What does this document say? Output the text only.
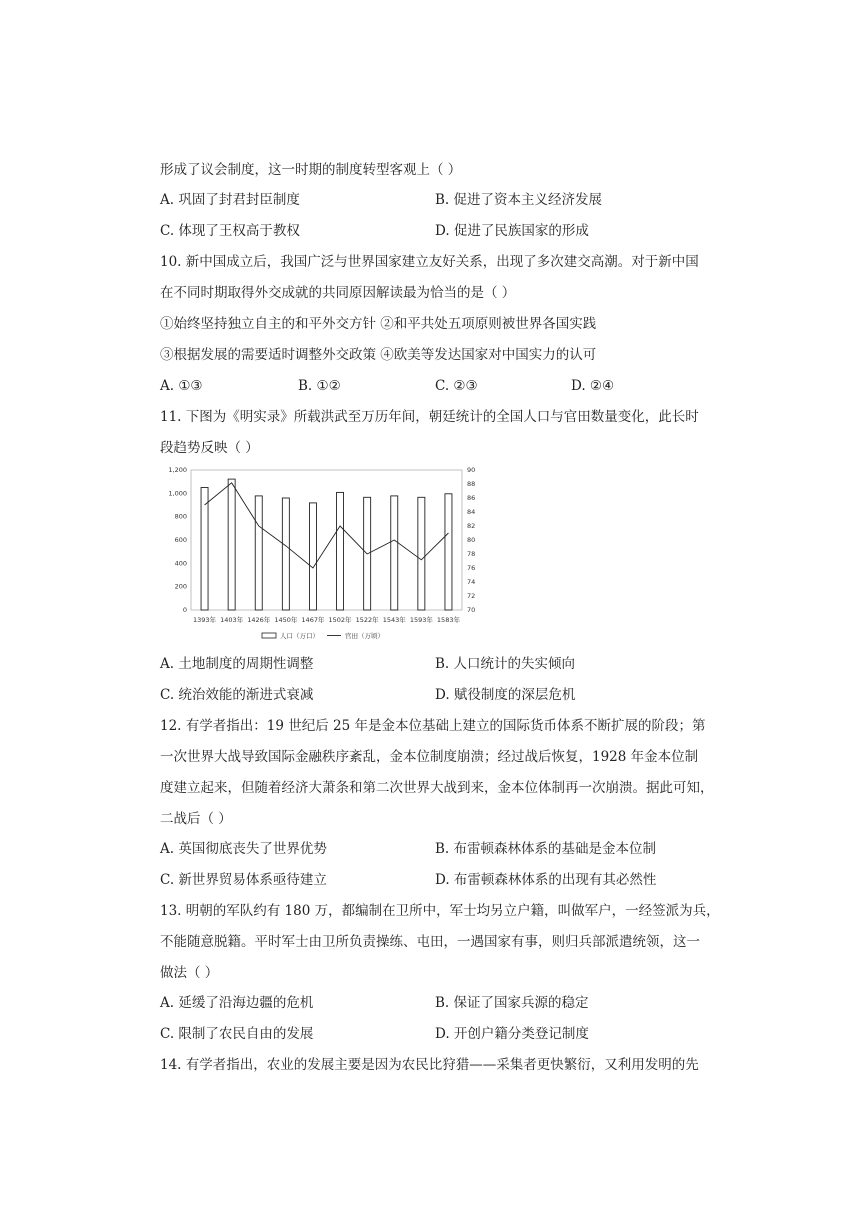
形成了议会制度，这一时期的制度转型客观上（ ）
A. 巩固了封君封臣制度	B. 促进了资本主义经济发展
C. 体现了王权高于教权	D. 促进了民族国家的形成
10. 新中国成立后，我国广泛与世界国家建立友好关系，出现了多次建交高潮。对于新中国
在不同时期取得外交成就的共同原因解读最为恰当的是（ ）
①始终坚持独立自主的和平外交方针 ②和平共处五项原则被世界各国实践
③根据发展的需要适时调整外交政策 ④欧美等发达国家对中国实力的认可
A. ①③	B. ①②	C. ②③	D. ②④
11. 下图为《明实录》所载洪武至万历年间，朝廷统计的全国人口与官田数量变化，此长时
段趋势反映（ ）
1,200
1,000
800
600
400
200
0
90
88
86
84
82
80
78
76
74
72
70
1393年 1403年 1426年 1450年 1467年 1502年 1522年 1543年 1593年 1583年
人口（万口）	官田（万顷）
A. 土地制度的周期性调整	B. 人口统计的失实倾向
C. 统治效能的渐进式衰减	D. 赋役制度的深层危机
12. 有学者指出：19 世纪后 25 年是金本位基础上建立的国际货币体系不断扩展的阶段；第
一次世界大战导致国际金融秩序紊乱，金本位制度崩溃；经过战后恢复，1928 年金本位制
度建立起来，但随着经济大萧条和第二次世界大战到来，金本位体制再一次崩溃。据此可知，
二战后（ ）
A. 英国彻底丧失了世界优势	B. 布雷顿森林体系的基础是金本位制
C. 新世界贸易体系亟待建立	D. 布雷顿森林体系的出现有其必然性
13. 明朝的军队约有 180 万，都编制在卫所中，军士均另立户籍，叫做军户，一经签派为兵，
不能随意脱籍。平时军士由卫所负责操练、屯田，一遇国家有事，则归兵部派遣统领，这一
做法（ ）
A. 延缓了沿海边疆的危机	B. 保证了国家兵源的稳定
C. 限制了农民自由的发展	D. 开创户籍分类登记制度
14. 有学者指出，农业的发展主要是因为农民比狩猎——采集者更快繁衍，又利用发明的先
